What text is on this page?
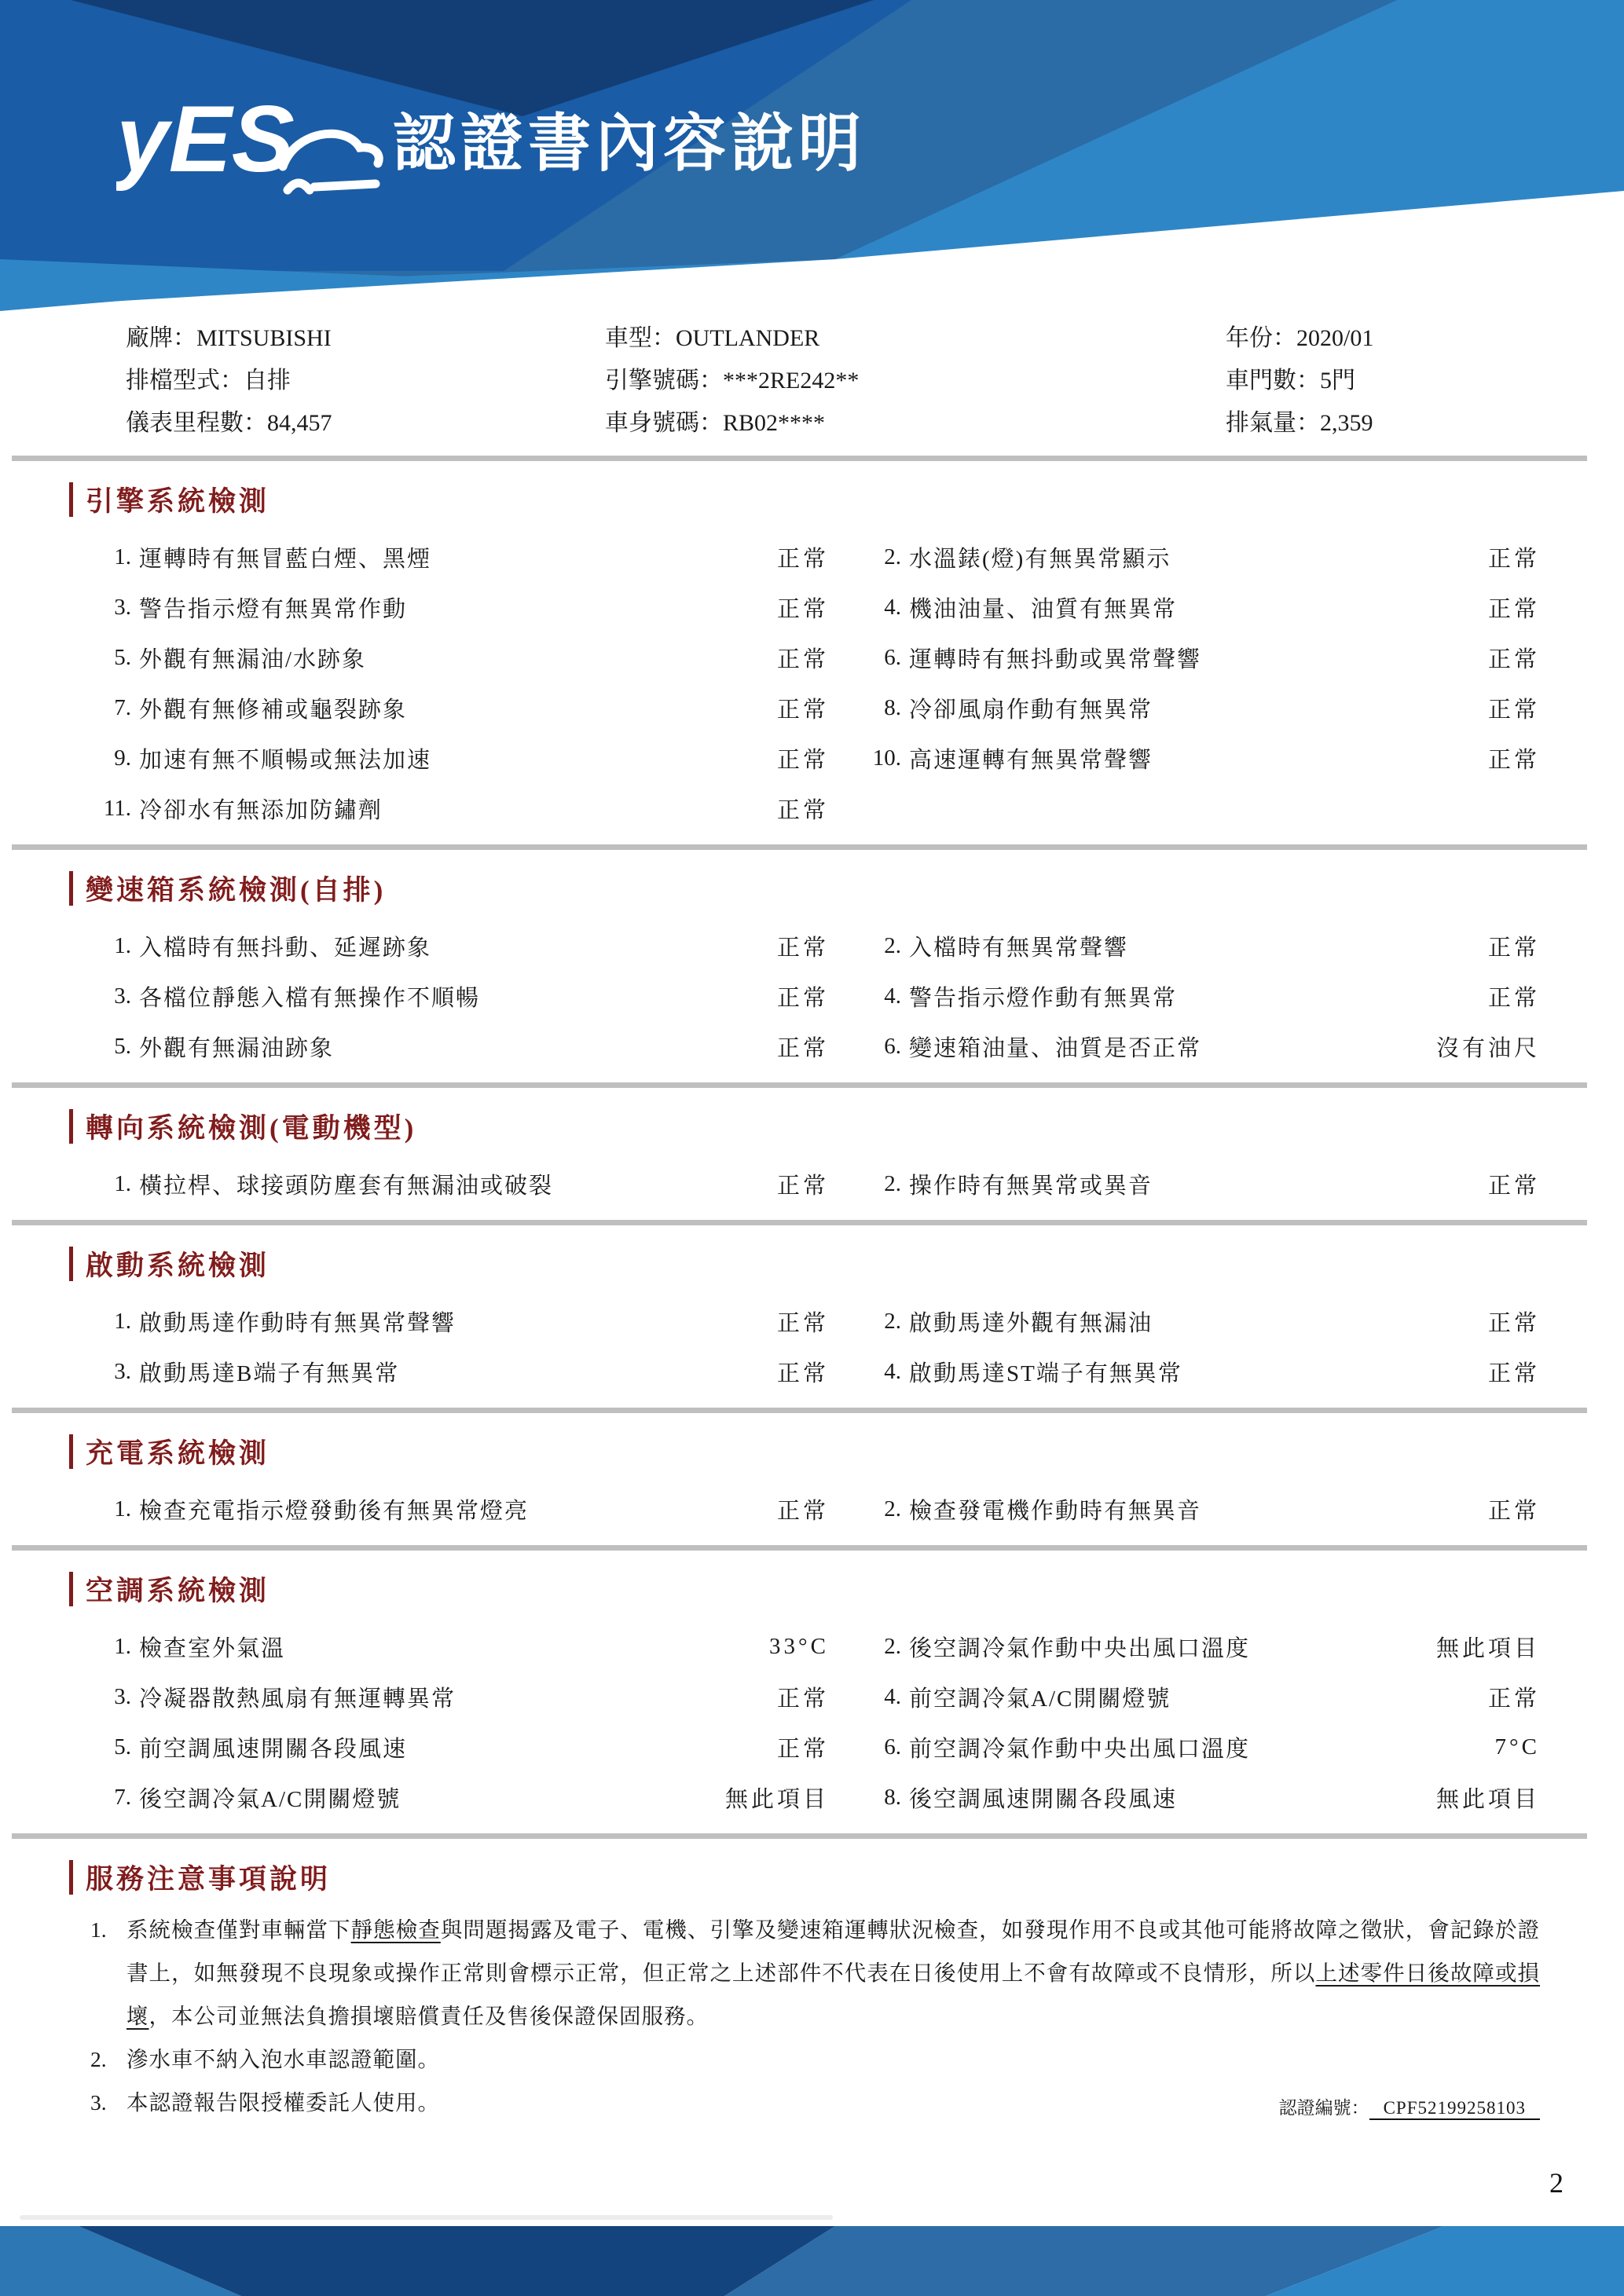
yES 認證書內容說明
廠牌：MITSUBISHI
排檔型式：自排
儀表里程數：84,457
車型：OUTLANDER
引擎號碼：***2RE242**
車身號碼：RB02****
年份：2020/01
車門數：5門
排氣量：2,359
引擎系統檢測
1. 運轉時有無冒藍白煙、黑煙	正常	2. 水溫錶(燈)有無異常顯示	正常
3. 警告指示燈有無異常作動	正常	4. 機油油量、油質有無異常	正常
5. 外觀有無漏油/水跡象	正常	6. 運轉時有無抖動或異常聲響	正常
7. 外觀有無修補或龜裂跡象	正常	8. 冷卻風扇作動有無異常	正常
9. 加速有無不順暢或無法加速	正常	10. 高速運轉有無異常聲響	正常
11. 冷卻水有無添加防鏽劑	正常
變速箱系統檢測(自排)
1. 入檔時有無抖動、延遲跡象	正常	2. 入檔時有無異常聲響	正常
3. 各檔位靜態入檔有無操作不順暢	正常	4. 警告指示燈作動有無異常	正常
5. 外觀有無漏油跡象	正常	6. 變速箱油量、油質是否正常	沒有油尺
轉向系統檢測(電動機型)
1. 橫拉桿、球接頭防塵套有無漏油或破裂	正常	2. 操作時有無異常或異音	正常
啟動系統檢測
1. 啟動馬達作動時有無異常聲響	正常	2. 啟動馬達外觀有無漏油	正常
3. 啟動馬達B端子有無異常	正常	4. 啟動馬達ST端子有無異常	正常
充電系統檢測
1. 檢查充電指示燈發動後有無異常燈亮	正常	2. 檢查發電機作動時有無異音	正常
空調系統檢測
1. 檢查室外氣溫	33°C	2. 後空調冷氣作動中央出風口溫度	無此項目
3. 冷凝器散熱風扇有無運轉異常	正常	4. 前空調冷氣A/C開關燈號	正常
5. 前空調風速開關各段風速	正常	6. 前空調冷氣作動中央出風口溫度	7°C
7. 後空調冷氣A/C開關燈號	無此項目	8. 後空調風速開關各段風速	無此項目
服務注意事項說明
1. 系統檢查僅對車輛當下靜態檢查與問題揭露及電子、電機、引擎及變速箱運轉狀況檢查，如發現作用不良或其他可能將故障之徵狀，會記錄於證書上，如無發現不良現象或操作正常則會標示正常，但正常之上述部件不代表在日後使用上不會有故障或不良情形，所以上述零件日後故障或損壞，本公司並無法負擔損壞賠償責任及售後保證保固服務。
2. 滲水車不納入泡水車認證範圍。
3. 本認證報告限授權委託人使用。	認證編號： CPF52199258103
2
